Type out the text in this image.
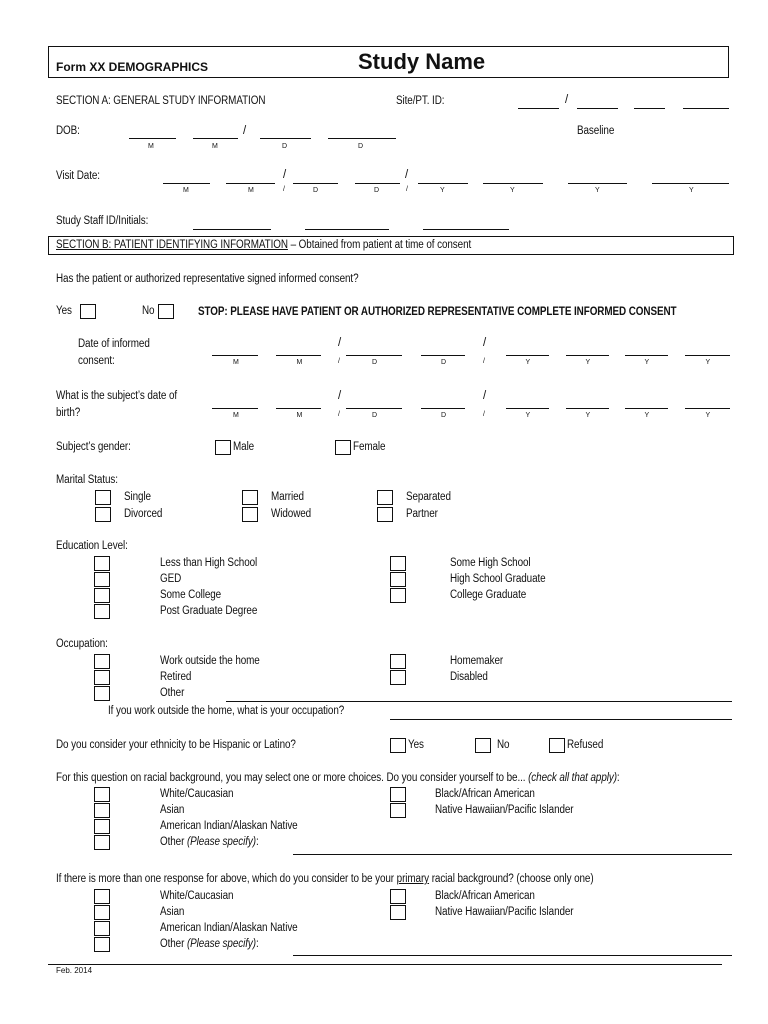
Form XX DEMOGRAPHICS	Study Name
SECTION A: GENERAL STUDY INFORMATION	Site/PT. ID:	/
DOB:
M	M
/
D	D
Baseline
Visit Date:
M	M
/
/	D	D
/
/	Y	Y	Y	Y
Study Staff ID/Initials:
SECTION B: PATIENT IDENTIFYING INFORMATION – Obtained from patient at time of consent
Has the patient or authorized representative signed informed consent?
Yes	No	STOP: PLEASE HAVE PATIENT OR AUTHORIZED REPRESENTATIVE COMPLETE INFORMED CONSENT
Date of informed
consent:
What is the subject’s date of
birth?
M	M	D	D	Y	Y	Y	Y
/
/
/
/
M	M	D	D	Y	Y	Y	Y
/
/
/
/
Subject’s gender:	Male	Female
Marital Status:
Single	Married	Separated
Divorced	Widowed	Partner
Education Level:
Less than High School
GED
Some College
Post Graduate Degree
Some High School
High School Graduate
College Graduate
Occupation:
Work outside the home
Retired
Other
Homemaker
Disabled
If you work outside the home, what is your occupation?
Do you consider your ethnicity to be Hispanic or Latino?	Yes	No	Refused
For this question on racial background, you may select one or more choices. Do you consider yourself to be... (check all that apply):
White/Caucasian
Asian
American Indian/Alaskan Native
Other (Please specify):
Black/African American
Native Hawaiian/Pacific Islander
If there is more than one response for above, which do you consider to be your primary racial background? (choose only one)
White/Caucasian
Asian
American Indian/Alaskan Native
Other (Please specify):
Black/African American
Native Hawaiian/Pacific Islander
Feb. 2014
